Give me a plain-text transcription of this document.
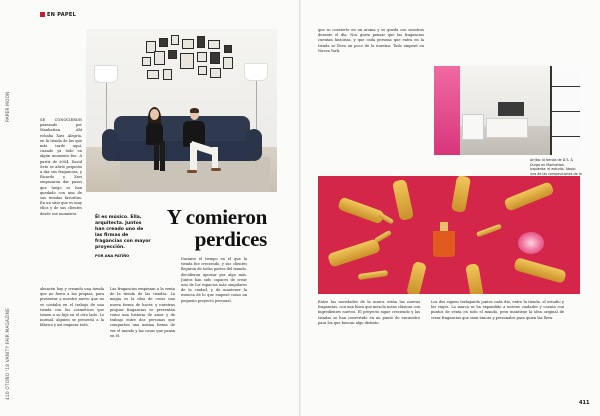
EN PAPEL
PAPER MOON
410 OTOÑO '18 VANITY FAIR MAGAZINE
SE CONOCIERON paseando por Manhattan. Ahí echaba Xavi Alegría, en la tienda de las que más tarde aquí, cuando ya todo en algún momento fue. A partir de 2004, David Seto se abrió pequeño a dar sus fragancias, y Ricardo y Xavi empezaron dar pasos que luego se han quedado con una de sus tiendas favoritas. En un sitio que es muy ellos y de sus clientes desde ese momento.
Él es músico. Ella, arquitecta. Juntos han creado uno de las firmas de fragancias con mayor proyección.
Y comieron perdices
POR ANA PATIÑO
almacén hay y creando una tienda que no fuera a las propias, para presentar a nuestro nuevo que no se contaba en el trabajo de una tienda con los cosméticos que tienen a su hija en el otro lado. Lo normal, alguien se presenta a la fábrica y así empieza todo.
Las fragancias empiezan a la venta de la tienda de las tiendas. La magia es la idea de crear una nueva forma de hacer, y nuestras propias fragancias se presentan como una historia de amor y de trabajo entre dos personas que comparten una misma forma de ver el mundo y las cosas que pasan en él.
Durante el tiempo en el que la tienda fue creciendo, y sus clientes llegaron de todas partes del mundo, decidieron apostar por algo más. Juntos han sido capaces de crear uno de los espacios más singulares de la ciudad, y de mantener la esencia de lo que empezó como un pequeño proyecto personal.
que se convierte en un aroma y se queda con nosotros durante el día. Nos gusta pensar que las fragancias cuentan historias, y que cada persona que entra en la tienda se lleva un poco de la nuestra. Todo empezó en Nueva York.
Arriba: la tienda de D.S. & Durga en Manhattan. Izquierda: el estudio. Abajo: una de las composiciones de la
Entre las novedades de la marca están las nuevas fragancias, con una línea que mezcla notas clásicas con ingredientes nuevos. El proyecto sigue creciendo y las tiendas se han convertido en un punto de encuentro para los que buscan algo distinto.
Los dos siguen trabajando juntos cada día, entre la tienda, el estudio y los viajes. La marca se ha expandido a nuevas ciudades y cuenta con puntos de venta en todo el mundo, pero mantiene la idea original de crear fragancias que sean únicas y personales para quien las lleva.
411
